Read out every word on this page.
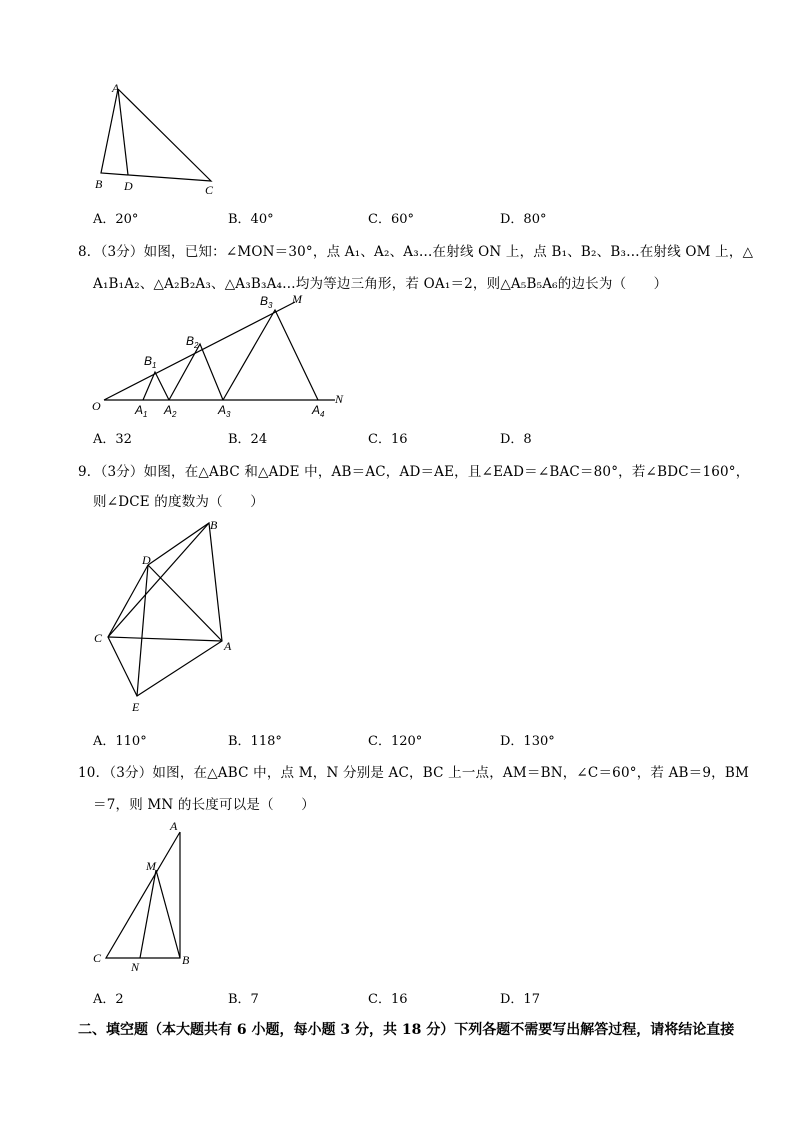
A
B D	C
A．20°	B．40°	C．60°	D．80°
8．（3分）如图，已知：∠MON＝30°，点 A₁、A₂、A₃…在射线 ON 上，点 B₁、B₂、B₃…在射线 OM 上，△
A₁B₁A₂、△A₂B₂A₃、△A₃B₃A₄…均为等边三角形，若 OA₁＝2，则△A₅B₅A₆的边长为（　　）
O
M
N
$B_1$
$B_2$
$B_3$
$A_1$ $A_2$	$A_3$	$A_4$
A．32	B．24	C．16	D．8
9．（3分）如图，在△ABC 和△ADE 中，AB＝AC，AD＝AE，且∠EAD＝∠BAC＝80°，若∠BDC＝160°，
则∠DCE 的度数为（　　）
B
D
C
A
E
A．110°	B．118°	C．120°	D．130°
10．（3分）如图，在△ABC 中，点 M，N 分别是 AC，BC 上一点，AM＝BN，∠C＝60°，若 AB＝9，BM
＝7，则 MN 的长度可以是（　　）
A
M
C
N	B
A．2	B．7	C．16	D．17
二、填空题（本大题共有 6 小题，每小题 3 分，共 18 分）下列各题不需要写出解答过程，请将结论直接
